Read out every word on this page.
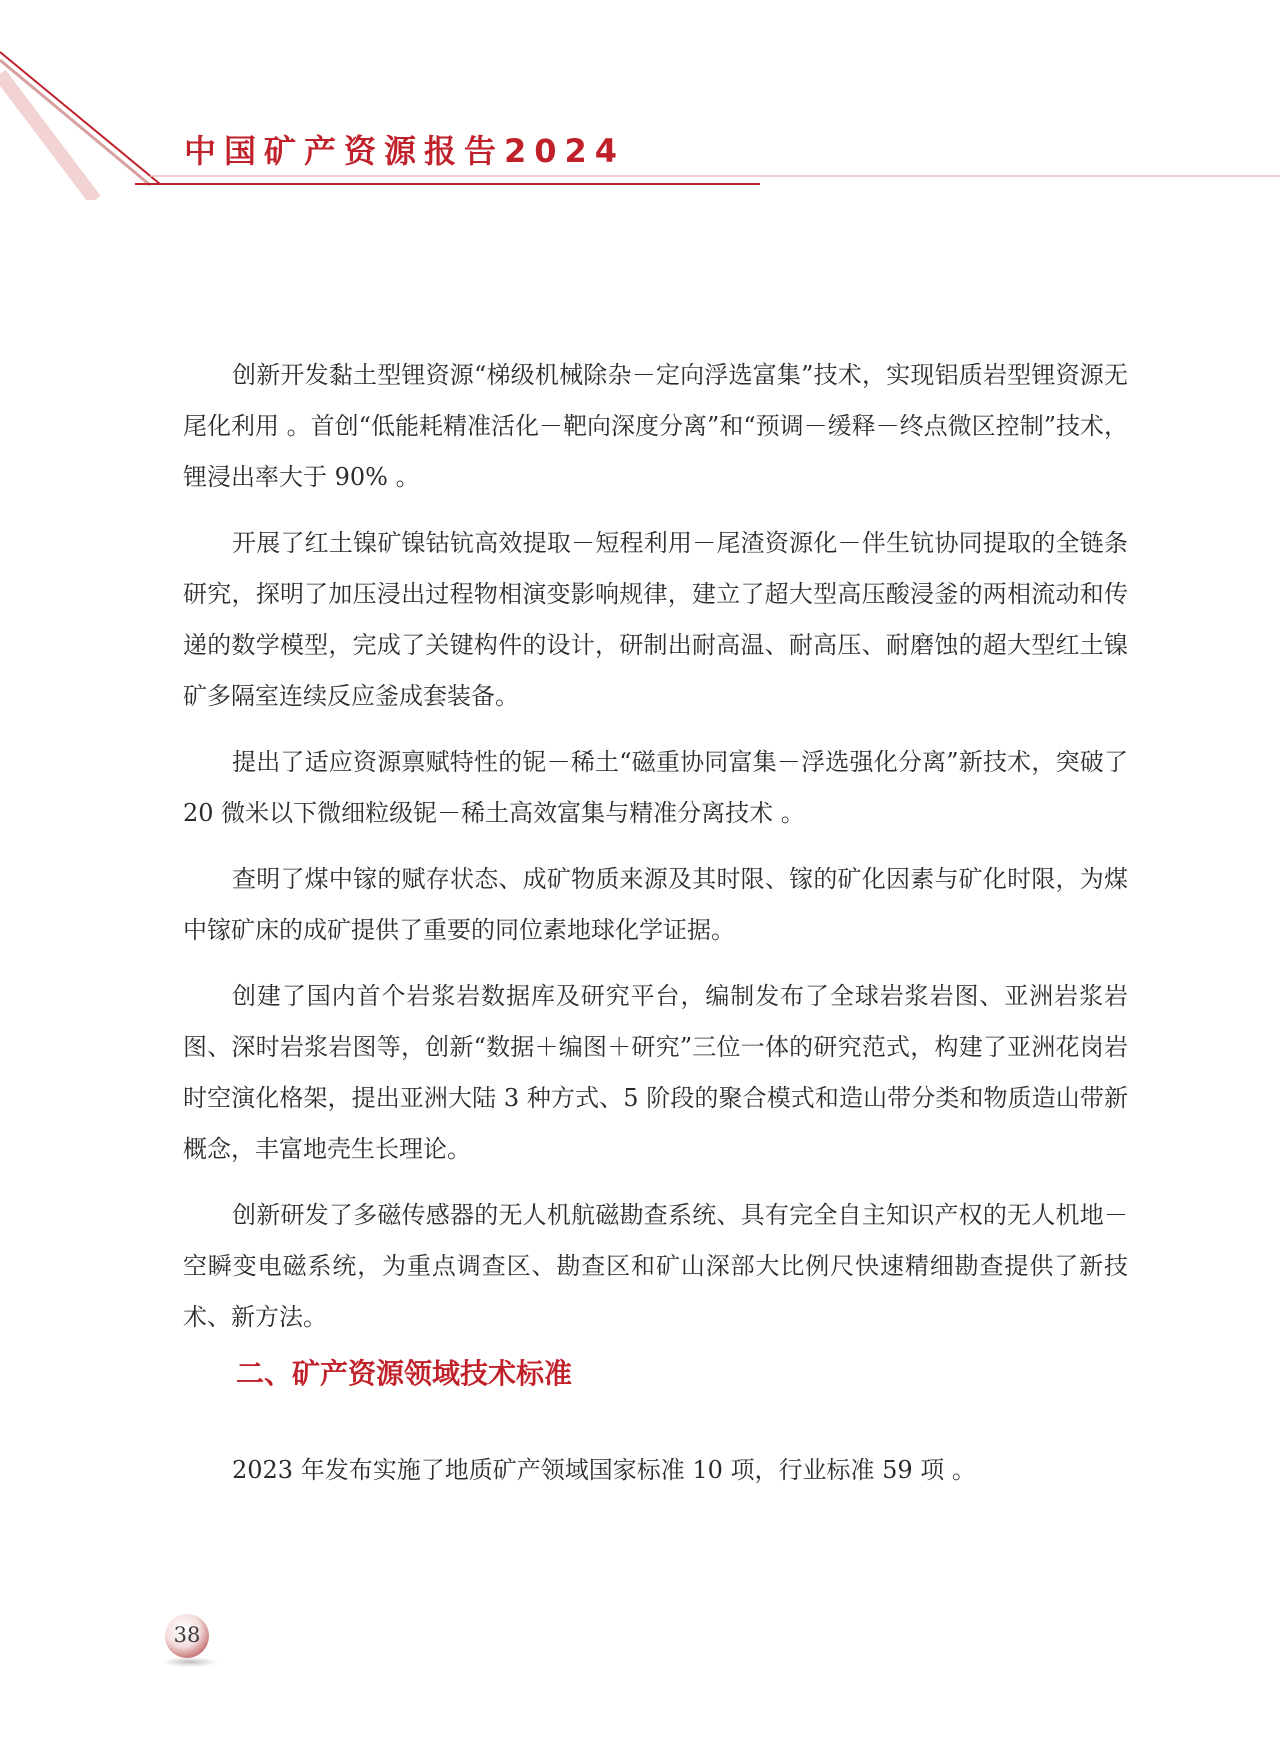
中国矿产资源报告2024

创新开发黏土型锂资源“梯级机械除杂－定向浮选富集”技术，实现铝质岩型锂资源无尾化利用 。首创“低能耗精准活化－靶向深度分离”和“预调－缓释－终点微区控制”技术，锂浸出率大于 90% 。

开展了红土镍矿镍钴钪高效提取－短程利用－尾渣资源化－伴生钪协同提取的全链条研究，探明了加压浸出过程物相演变影响规律，建立了超大型高压酸浸釜的两相流动和传递的数学模型，完成了关键构件的设计，研制出耐高温、耐高压、耐磨蚀的超大型红土镍矿多隔室连续反应釜成套装备。

提出了适应资源禀赋特性的铌－稀土“磁重协同富集－浮选强化分离”新技术，突破了 20 微米以下微细粒级铌－稀土高效富集与精准分离技术 。

查明了煤中镓的赋存状态、成矿物质来源及其时限、镓的矿化因素与矿化时限，为煤中镓矿床的成矿提供了重要的同位素地球化学证据。

创建了国内首个岩浆岩数据库及研究平台，编制发布了全球岩浆岩图、亚洲岩浆岩图、深时岩浆岩图等，创新“数据＋编图＋研究”三位一体的研究范式，构建了亚洲花岗岩时空演化格架，提出亚洲大陆 3 种方式、5 阶段的聚合模式和造山带分类和物质造山带新概念，丰富地壳生长理论。

创新研发了多磁传感器的无人机航磁勘查系统、具有完全自主知识产权的无人机地－空瞬变电磁系统，为重点调查区、勘查区和矿山深部大比例尺快速精细勘查提供了新技术、新方法。

二、矿产资源领域技术标准

2023 年发布实施了地质矿产领域国家标准 10 项，行业标准 59 项 。

38
